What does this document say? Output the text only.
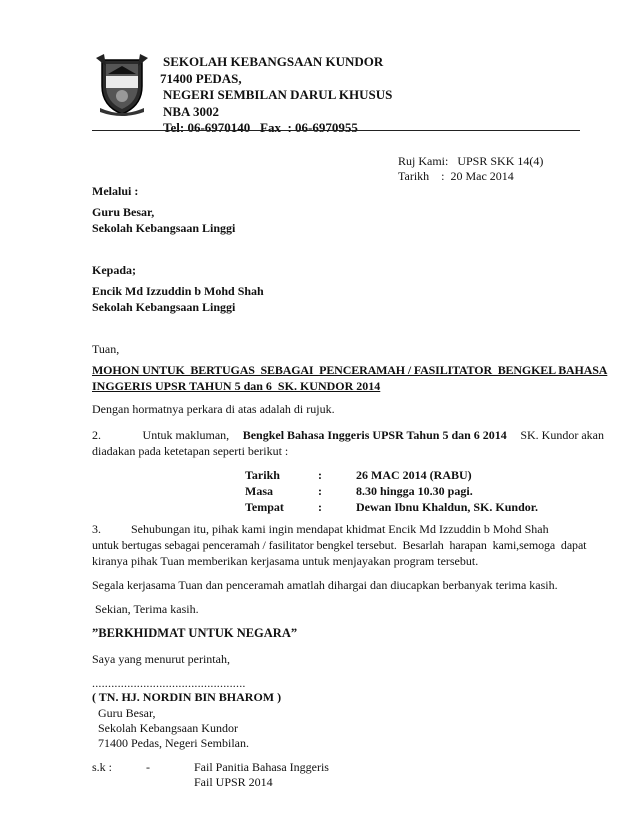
SEKOLAH KEBANGSAAN KUNDOR
71400 PEDAS,
NEGERI SEMBILAN DARUL KHUSUS
NBA 3002
Tel: 06-6970140   Fax  : 06-6970955
Ruj Kami:   UPSR SKK 14(4)
Tarikh    :  20 Mac 2014
Melalui :
Guru Besar,
Sekolah Kebangsaan Linggi
Kepada;
Encik Md Izzuddin b Mohd Shah
Sekolah Kebangsaan Linggi
Tuan,
MOHON UNTUK  BERTUGAS  SEBAGAI  PENCERAMAH / FASILITATOR  BENGKEL BAHASA
INGGERIS UPSR TAHUN 5 dan 6  SK. KUNDOR 2014
Dengan hormatnya perkara di atas adalah di rujuk.
2.	Untuk makluman, Bengkel Bahasa Inggeris UPSR Tahun 5 dan 6 2014 SK. Kundor akan
diadakan pada ketetapan seperti berikut :
Tarikh	:	26 MAC 2014 (RABU)
Masa	:	8.30 hingga 10.30 pagi.
Tempat	:	Dewan Ibnu Khaldun, SK. Kundor.
3.	Sehubungan itu, pihak kami ingin mendapat khidmat Encik Md Izzuddin b Mohd Shah
untuk bertugas sebagai penceramah / fasilitator bengkel tersebut.  Besarlah  harapan  kami,semoga  dapat
kiranya pihak Tuan memberikan kerjasama untuk menjayakan program tersebut.
Segala kerjasama Tuan dan penceramah amatlah dihargai dan diucapkan berbanyak terima kasih.
Sekian, Terima kasih.
”BERKHIDMAT UNTUK NEGARA”
Saya yang menurut perintah,
................................................
( TN. HJ. NORDIN BIN BHAROM )
Guru Besar,
Sekolah Kebangsaan Kundor
71400 Pedas, Negeri Sembilan.
s.k :	-	Fail Panitia Bahasa Inggeris
Fail UPSR 2014
